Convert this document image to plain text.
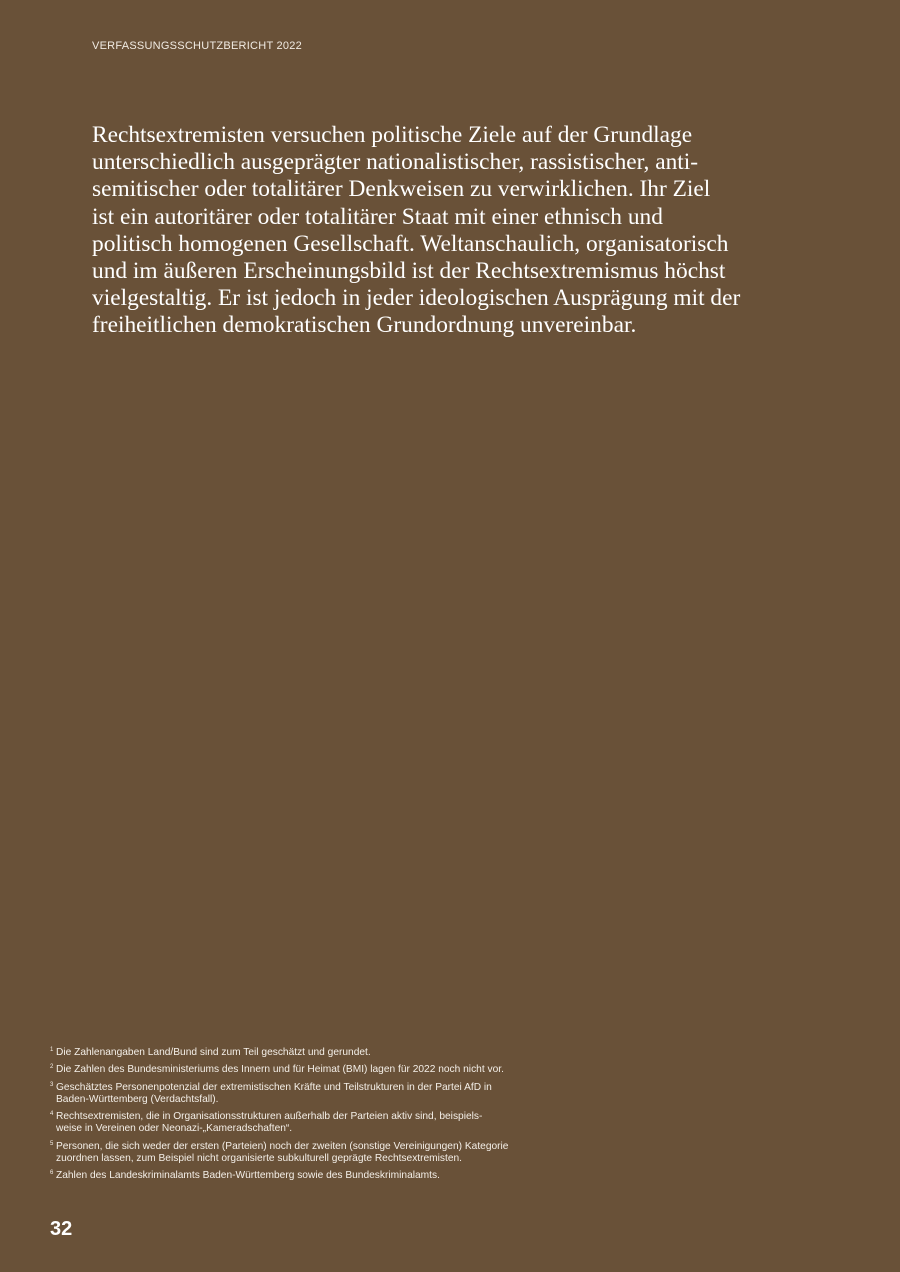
VERFASSUNGSSCHUTZBERICHT 2022

Rechtsextremisten versuchen politische Ziele auf der Grundlage
unterschiedlich ausgeprägter nationalistischer, rassistischer, anti-
semitischer oder totalitärer Denkweisen zu verwirklichen. Ihr Ziel
ist ein autoritärer oder totalitärer Staat mit einer ethnisch und
politisch homogenen Gesellschaft. Weltanschaulich, organisatorisch
und im äußeren Erscheinungsbild ist der Rechtsextremismus höchst
vielgestaltig. Er ist jedoch in jeder ideologischen Ausprägung mit der
freiheitlichen demokratischen Grundordnung unvereinbar.

1 Die Zahlenangaben Land/Bund sind zum Teil geschätzt und gerundet.
2 Die Zahlen des Bundesministeriums des Innern und für Heimat (BMI) lagen für 2022 noch nicht vor.
3 Geschätztes Personenpotenzial der extremistischen Kräfte und Teilstrukturen in der Partei AfD in
Baden-Württemberg (Verdachtsfall).
4 Rechtsextremisten, die in Organisationsstrukturen außerhalb der Parteien aktiv sind, beispiels-
weise in Vereinen oder Neonazi-„Kameradschaften“.
5 Personen, die sich weder der ersten (Parteien) noch der zweiten (sonstige Vereinigungen) Kategorie
zuordnen lassen, zum Beispiel nicht organisierte subkulturell geprägte Rechtsextremisten.
6 Zahlen des Landeskriminalamts Baden-Württemberg sowie des Bundeskriminalamts.
32
